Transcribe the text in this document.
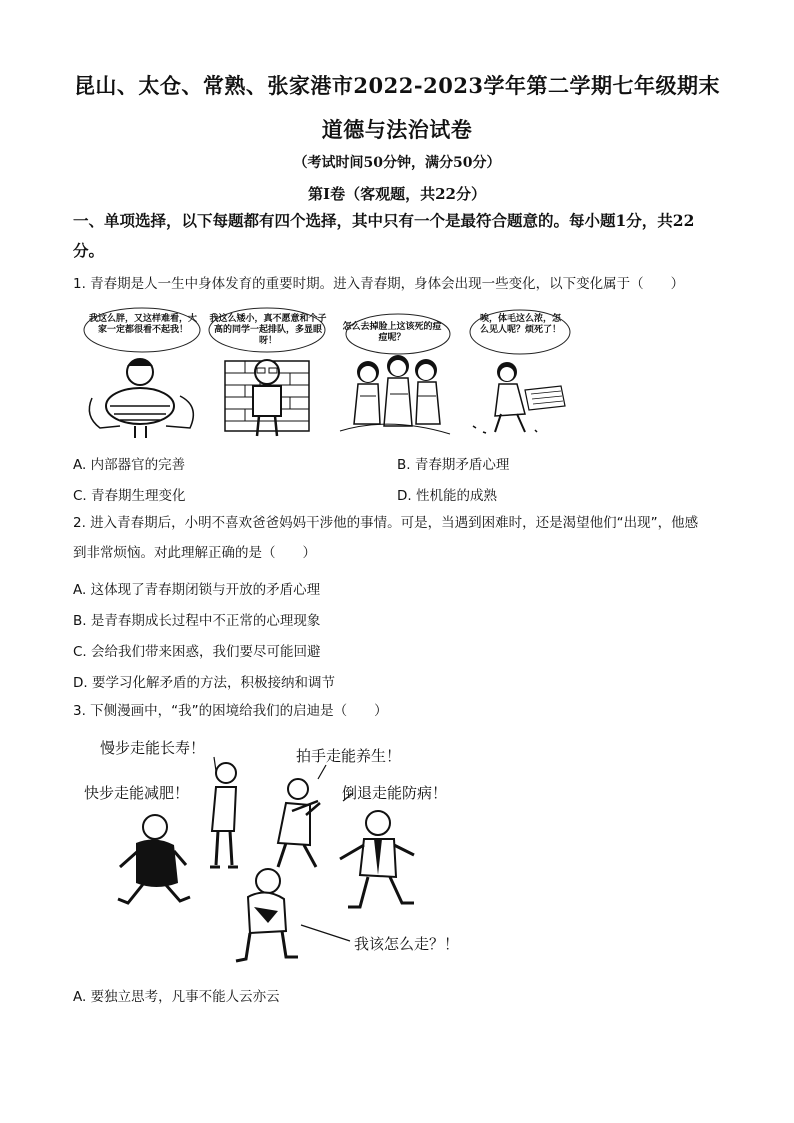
昆山、太仓、常熟、张家港市2022-2023学年第二学期七年级期末
道德与法治试卷
（考试时间50分钟，满分50分）
第Ⅰ卷（客观题，共22分）
一、单项选择，以下每题都有四个选择，其中只有一个是最符合题意的。每小题1分，共22
分。
1. 青春期是人一生中身体发育的重要时期。进入青春期，身体会出现一些变化，以下变化属于（　　）
我这么胖，又这样难看，大家一定都很看不起我！
我这么矮小，真不愿意和个子高的同学一起排队，多显眼呀！
怎么去掉脸上这该死的痘痘呢？
唉，体毛这么浓，怎么见人呢？烦死了！
A. 内部器官的完善	B. 青春期矛盾心理
C. 青春期生理变化	D. 性机能的成熟
2. 进入青春期后，小明不喜欢爸爸妈妈干涉他的事情。可是，当遇到困难时，还是渴望他们“出现”，他感
到非常烦恼。对此理解正确的是（　　）
A. 这体现了青春期闭锁与开放的矛盾心理
B. 是青春期成长过程中不正常的心理现象
C. 会给我们带来困惑，我们要尽可能回避
D. 要学习化解矛盾的方法，积极接纳和调节
3. 下侧漫画中，“我”的困境给我们的启迪是（　　）
慢步走能长寿！	拍手走能养生！
快步走能减肥！	倒退走能防病！
我该怎么走？！
A. 要独立思考，凡事不能人云亦云
